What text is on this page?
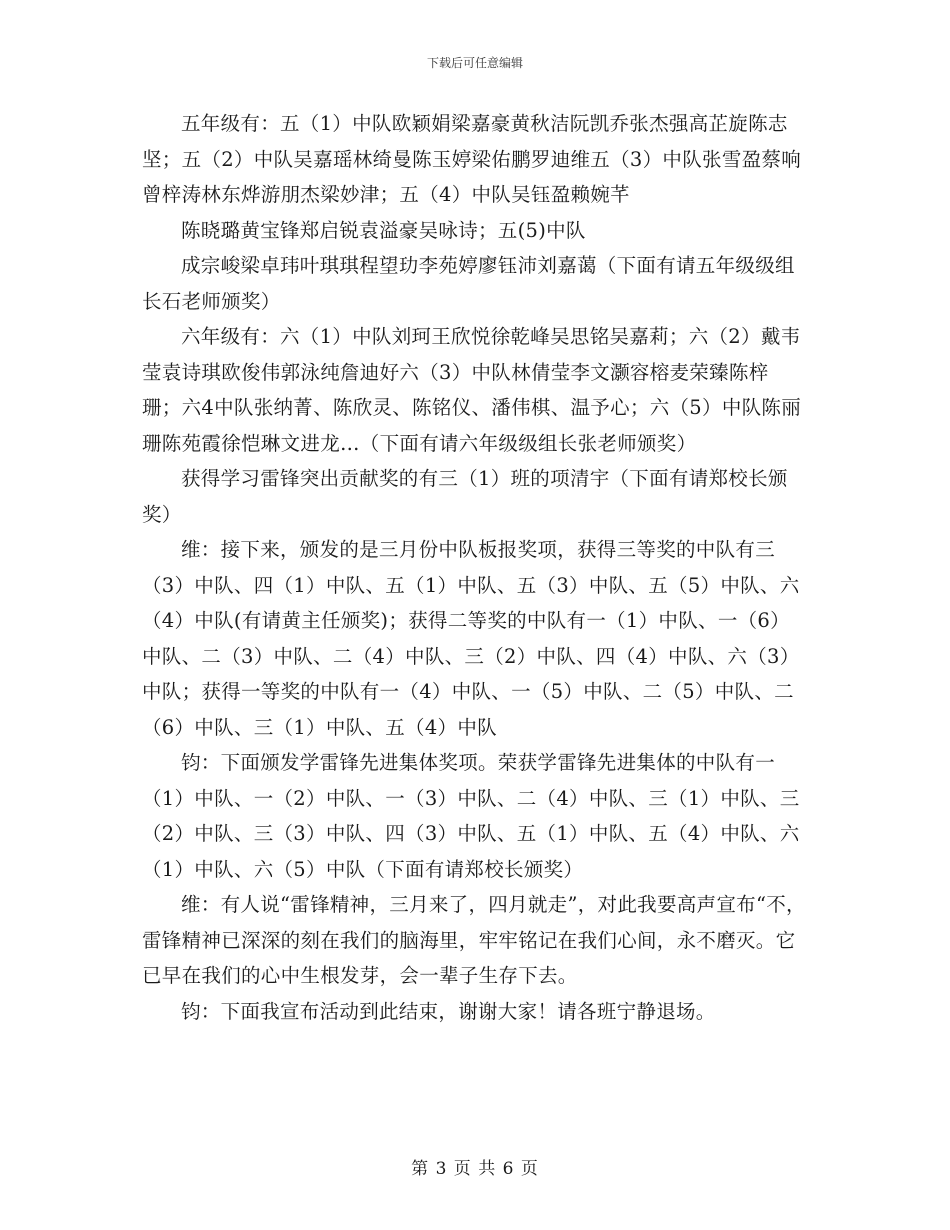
下载后可任意编辑

五年级有：五（1）中队欧颖娟梁嘉豪黄秋洁阮凯乔张杰强高芷旋陈志坚；五（2）中队吴嘉瑶林绮曼陈玉婷梁佑鹏罗迪维五（3）中队张雪盈蔡响曾梓涛林东烨游朋杰梁妙津；五（4）中队吴钰盈赖婉芊

陈晓璐黄宝锋郑启锐袁溢豪吴咏诗；五(5)中队

成宗峻梁卓玮叶琪琪程望玏李苑婷廖钰沛刘嘉蔼（下面有请五年级级组长石老师颁奖）

六年级有：六（1）中队刘珂王欣悦徐乾峰吴思铭吴嘉莉；六（2）戴韦莹袁诗琪欧俊伟郭泳纯詹迪好六（3）中队林倩莹李文灏容榕麦荣臻陈梓珊；六4中队张纳菁、陈欣灵、陈铭仪、潘伟棋、温予心；六（5）中队陈丽珊陈苑霞徐恺琳文进龙…（下面有请六年级级组长张老师颁奖）

获得学习雷锋突出贡献奖的有三（1）班的项清宇（下面有请郑校长颁奖）

维：接下来，颁发的是三月份中队板报奖项，获得三等奖的中队有三（3）中队、四（1）中队、五（1）中队、五（3）中队、五（5）中队、六（4）中队(有请黄主任颁奖)；获得二等奖的中队有一（1）中队、一（6）中队、二（3）中队、二（4）中队、三（2）中队、四（4）中队、六（3）中队；获得一等奖的中队有一（4）中队、一（5）中队、二（5）中队、二（6）中队、三（1）中队、五（4）中队

钧：下面颁发学雷锋先进集体奖项。荣获学雷锋先进集体的中队有一（1）中队、一（2）中队、一（3）中队、二（4）中队、三（1）中队、三（2）中队、三（3）中队、四（3）中队、五（1）中队、五（4）中队、六（1）中队、六（5）中队（下面有请郑校长颁奖）

维：有人说“雷锋精神，三月来了，四月就走”，对此我要高声宣布“不，雷锋精神已深深的刻在我们的脑海里，牢牢铭记在我们心间，永不磨灭。它已早在我们的心中生根发芽，会一辈子生存下去。

钧：下面我宣布活动到此结束，谢谢大家！请各班宁静退场。

第 3 页 共 6 页
